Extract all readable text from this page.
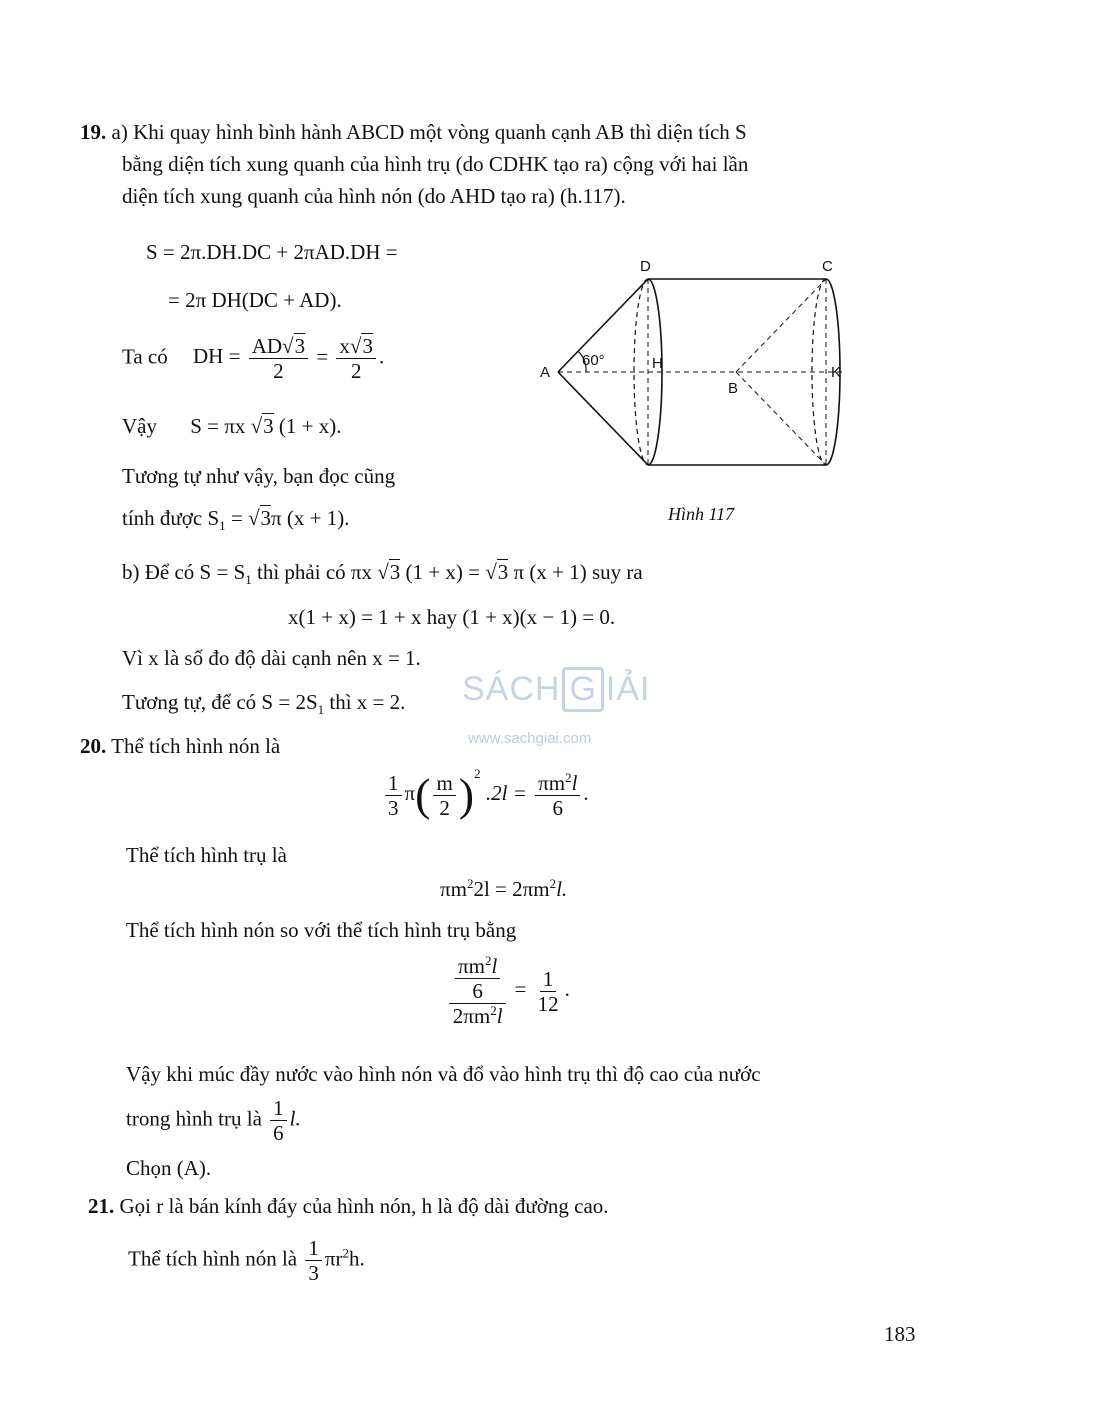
19. a) Khi quay hình bình hành ABCD một vòng quanh cạnh AB thì diện tích S
bằng diện tích xung quanh của hình trụ (do CDHK tạo ra) cộng với hai lần
diện tích xung quanh của hình nón (do AHD tạo ra) (h.117).
S = 2π.DH.DC + 2πAD.DH =
= 2π DH(DC + AD).
Ta có DH = $\frac{AD√3}{2} = \frac{x√3}{2}$ .
Vậy S = πx √3 (1 + x).
Tương tự như vậy, bạn đọc cũng
tính được $S_1 = √3\pi$ (x + 1).
60°
D	C
A
H
B
K
Hình 117
b) Để có $S = S_1$ thì phải có πx √3 (1 + x) = √3 π (x + 1) suy ra
x(1 + x) = 1 + x hay (1 + x)(x − 1) = 0.
Vì x là số đo độ dài cạnh nên x = 1.
Tương tự, để có $S = 2S_1$ thì x = 2. SÁCH G IẢI
www.sachgiai.com
20. Thể tích hình nón là
$\frac{1}{3} \pi( \frac{m}{2} )^2$ $.2l = \frac{\pi m^2l}{6}$ .
Thể tích hình trụ là
$\pi m^22l = 2\pi m^2l$.
Thể tích hình nón so với thể tích hình trụ bằng
$\frac{\frac{\pi m^2l}{6}}{2\pi m^2l} = \frac{1}{12}$ .
Vậy khi múc đầy nước vào hình nón và đổ vào hình trụ thì độ cao của nước
trong hình trụ là $\frac{1}{6} l$.
Chọn (A).
21. Gọi r là bán kính đáy của hình nón, h là độ dài đường cao.
Thể tích hình nón là $\frac{1}{3} \pi r^2h$.
183
